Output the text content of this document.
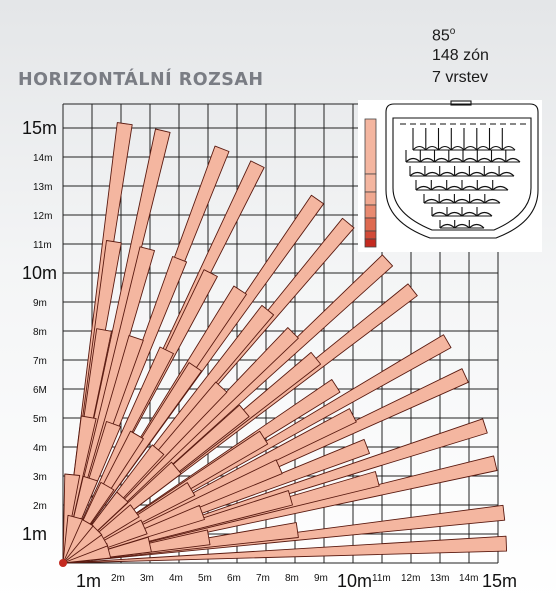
1m 2m 3m 4m 5m 6m 7m 8m 9m 10m 11m 12m 13m 14m 15m
1m
2m
3m
4m
5m
6M
7m
8m
9m
10m
11m
12m
13m
14m
15m
HORIZONTÁLNÍ ROZSAH
85$^o$
148 zón
7 vrstev
